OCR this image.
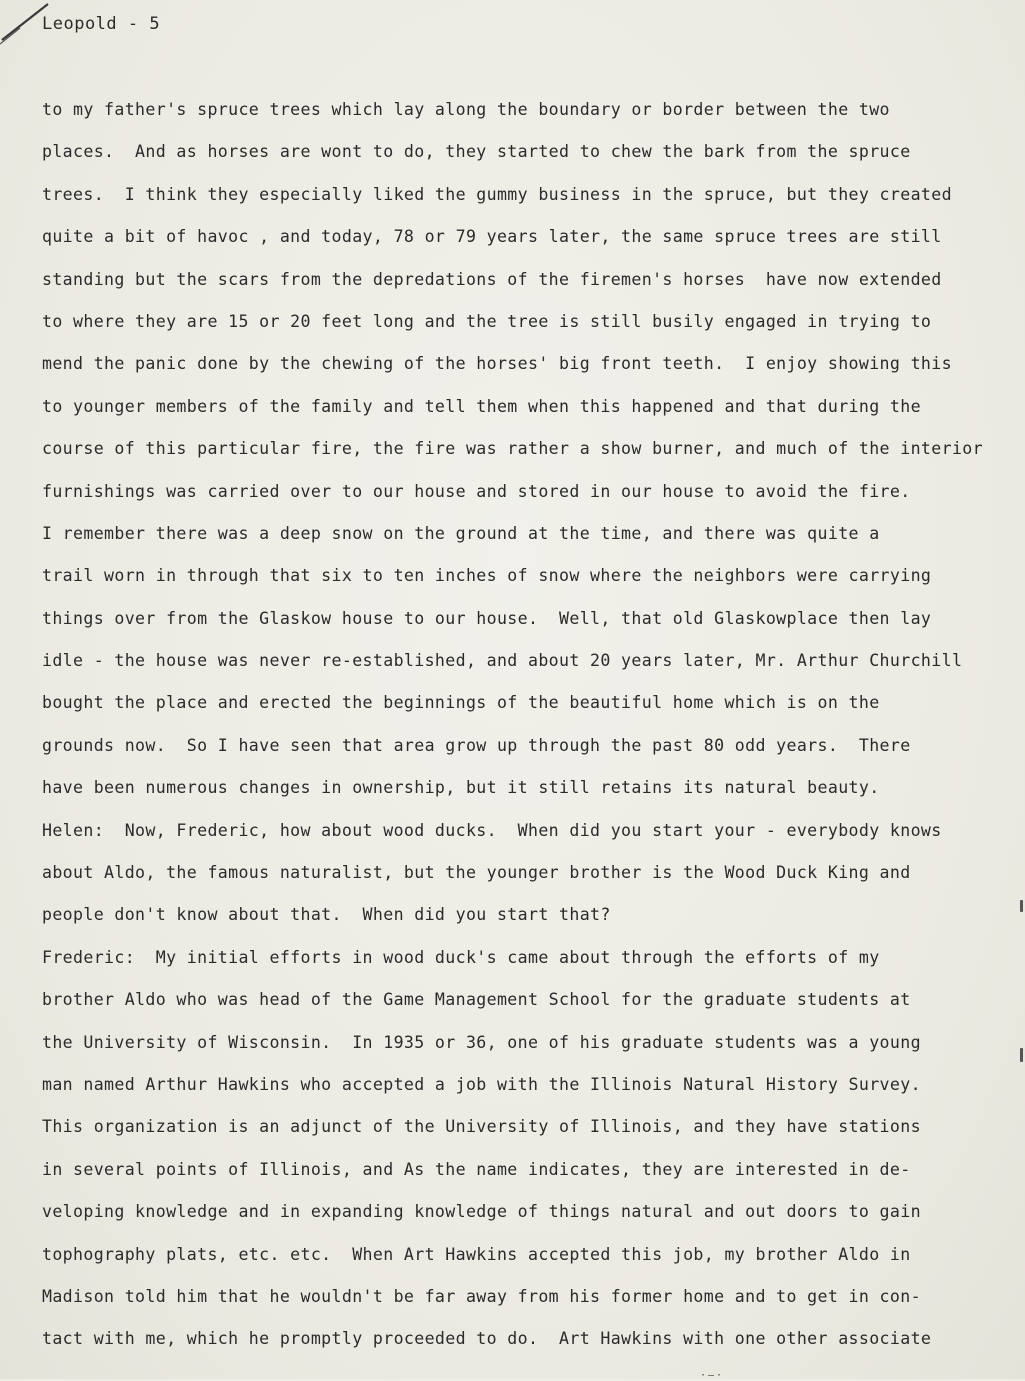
Leopold - 5
to my father's spruce trees which lay along the boundary or border between the two
places.  And as horses are wont to do, they started to chew the bark from the spruce
trees.  I think they especially liked the gummy business in the spruce, but they created
quite a bit of havoc , and today, 78 or 79 years later, the same spruce trees are still
standing but the scars from the depredations of the firemen's horses  have now extended
to where they are 15 or 20 feet long and the tree is still busily engaged in trying to
mend the panic done by the chewing of the horses' big front teeth.  I enjoy showing this
to younger members of the family and tell them when this happened and that during the
course of this particular fire, the fire was rather a show burner, and much of the interior
furnishings was carried over to our house and stored in our house to avoid the fire.
I remember there was a deep snow on the ground at the time, and there was quite a
trail worn in through that six to ten inches of snow where the neighbors were carrying
things over from the Glaskow house to our house.  Well, that old Glaskowplace then lay
idle - the house was never re-established, and about 20 years later, Mr. Arthur Churchill
bought the place and erected the beginnings of the beautiful home which is on the
grounds now.  So I have seen that area grow up through the past 80 odd years.  There
have been numerous changes in ownership, but it still retains its natural beauty.
Helen:  Now, Frederic, how about wood ducks.  When did you start your - everybody knows
about Aldo, the famous naturalist, but the younger brother is the Wood Duck King and
people don't know about that.  When did you start that?
Frederic:  My initial efforts in wood duck's came about through the efforts of my
brother Aldo who was head of the Game Management School for the graduate students at
the University of Wisconsin.  In 1935 or 36, one of his graduate students was a young
man named Arthur Hawkins who accepted a job with the Illinois Natural History Survey.
This organization is an adjunct of the University of Illinois, and they have stations
in several points of Illinois, and As the name indicates, they are interested in de-
veloping knowledge and in expanding knowledge of things natural and out doors to gain
tophography plats, etc. etc.  When Art Hawkins accepted this job, my brother Aldo in
Madison told him that he wouldn't be far away from his former home and to get in con-
tact with me, which he promptly proceeded to do.  Art Hawkins with one other associate
·—·
